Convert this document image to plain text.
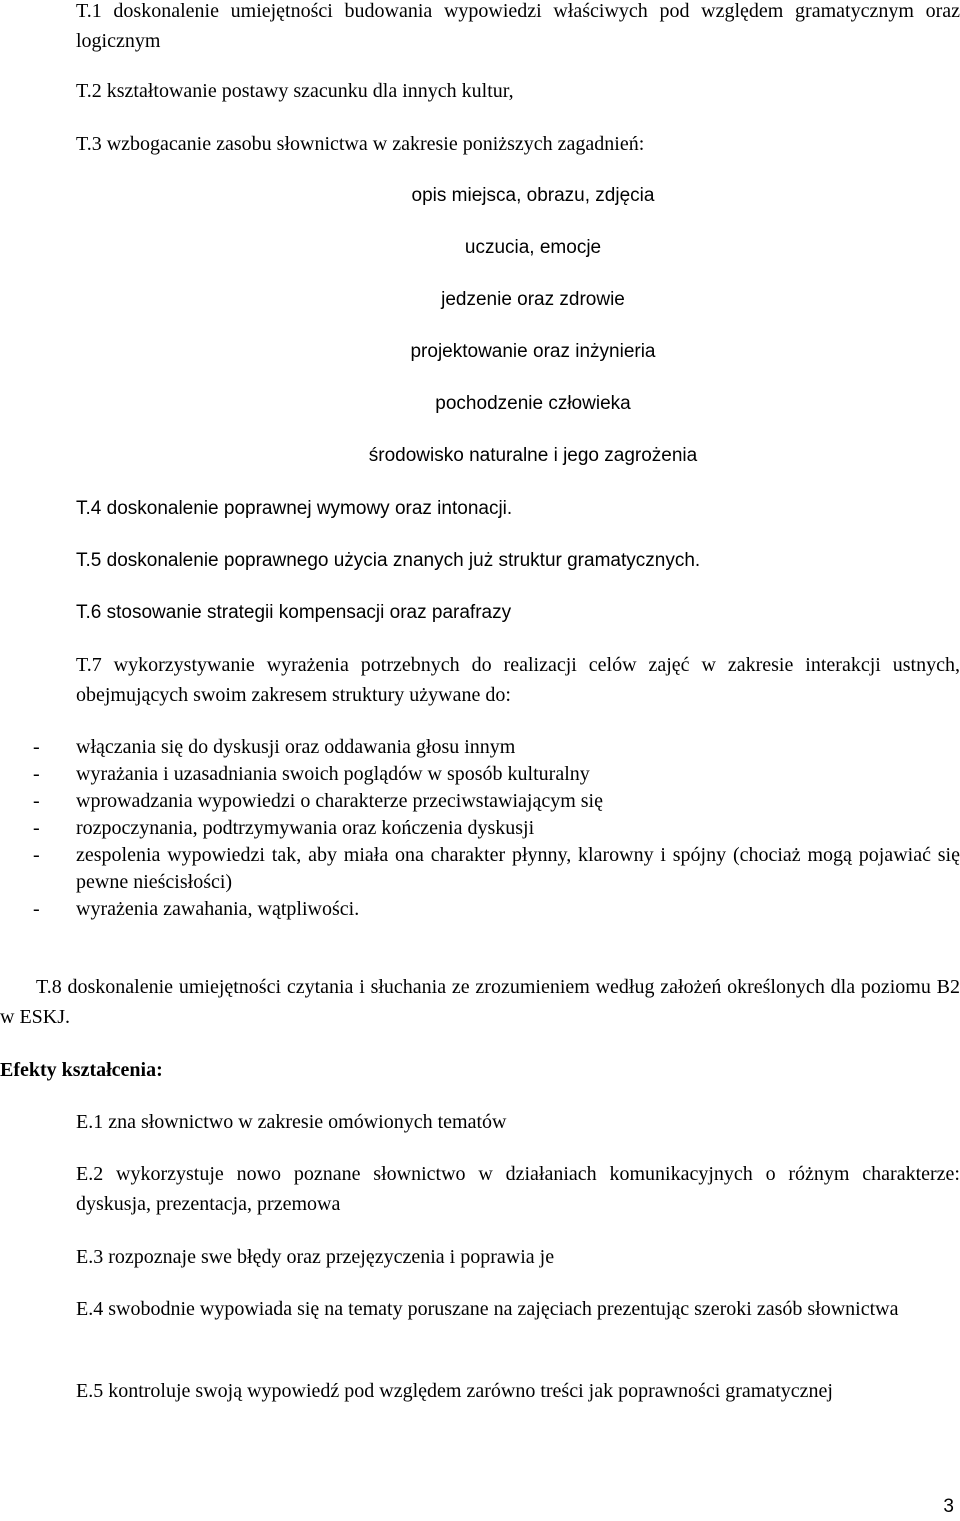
T.1 doskonalenie umiejętności budowania wypowiedzi właściwych pod względem gramatycznym oraz logicznym
T.2 kształtowanie postawy szacunku dla innych kultur,
T.3 wzbogacanie zasobu słownictwa w zakresie poniższych zagadnień:
opis miejsca, obrazu, zdjęcia
uczucia, emocje
jedzenie oraz zdrowie
projektowanie oraz inżynieria
pochodzenie człowieka
środowisko naturalne i jego zagrożenia
T.4 doskonalenie poprawnej wymowy oraz intonacji.
T.5 doskonalenie poprawnego użycia znanych już struktur gramatycznych.
T.6 stosowanie strategii kompensacji oraz parafrazy
T.7 wykorzystywanie wyrażenia potrzebnych do realizacji celów zajęć w zakresie interakcji ustnych, obejmujących swoim zakresem struktury używane do:
- włączania się do dyskusji oraz oddawania głosu innym
- wyrażania i uzasadniania swoich poglądów w sposób kulturalny
- wprowadzania wypowiedzi o charakterze przeciwstawiającym się
- rozpoczynania, podtrzymywania oraz kończenia dyskusji
- zespolenia wypowiedzi tak, aby miała ona charakter płynny, klarowny i spójny (chociaż mogą pojawiać się pewne nieścisłości)
- wyrażenia zawahania, wątpliwości.
T.8 doskonalenie umiejętności czytania i słuchania ze zrozumieniem według założeń określonych dla poziomu B2 w ESKJ.
Efekty kształcenia:
E.1 zna słownictwo w zakresie omówionych tematów
E.2 wykorzystuje nowo poznane słownictwo w działaniach komunikacyjnych o różnym charakterze: dyskusja, prezentacja, przemowa
E.3 rozpoznaje swe błędy oraz przejęzyczenia i poprawia je
E.4 swobodnie wypowiada się na tematy poruszane na zajęciach prezentując szeroki zasób słownictwa
E.5 kontroluje swoją wypowiedź pod względem zarówno treści jak poprawności gramatycznej
3
